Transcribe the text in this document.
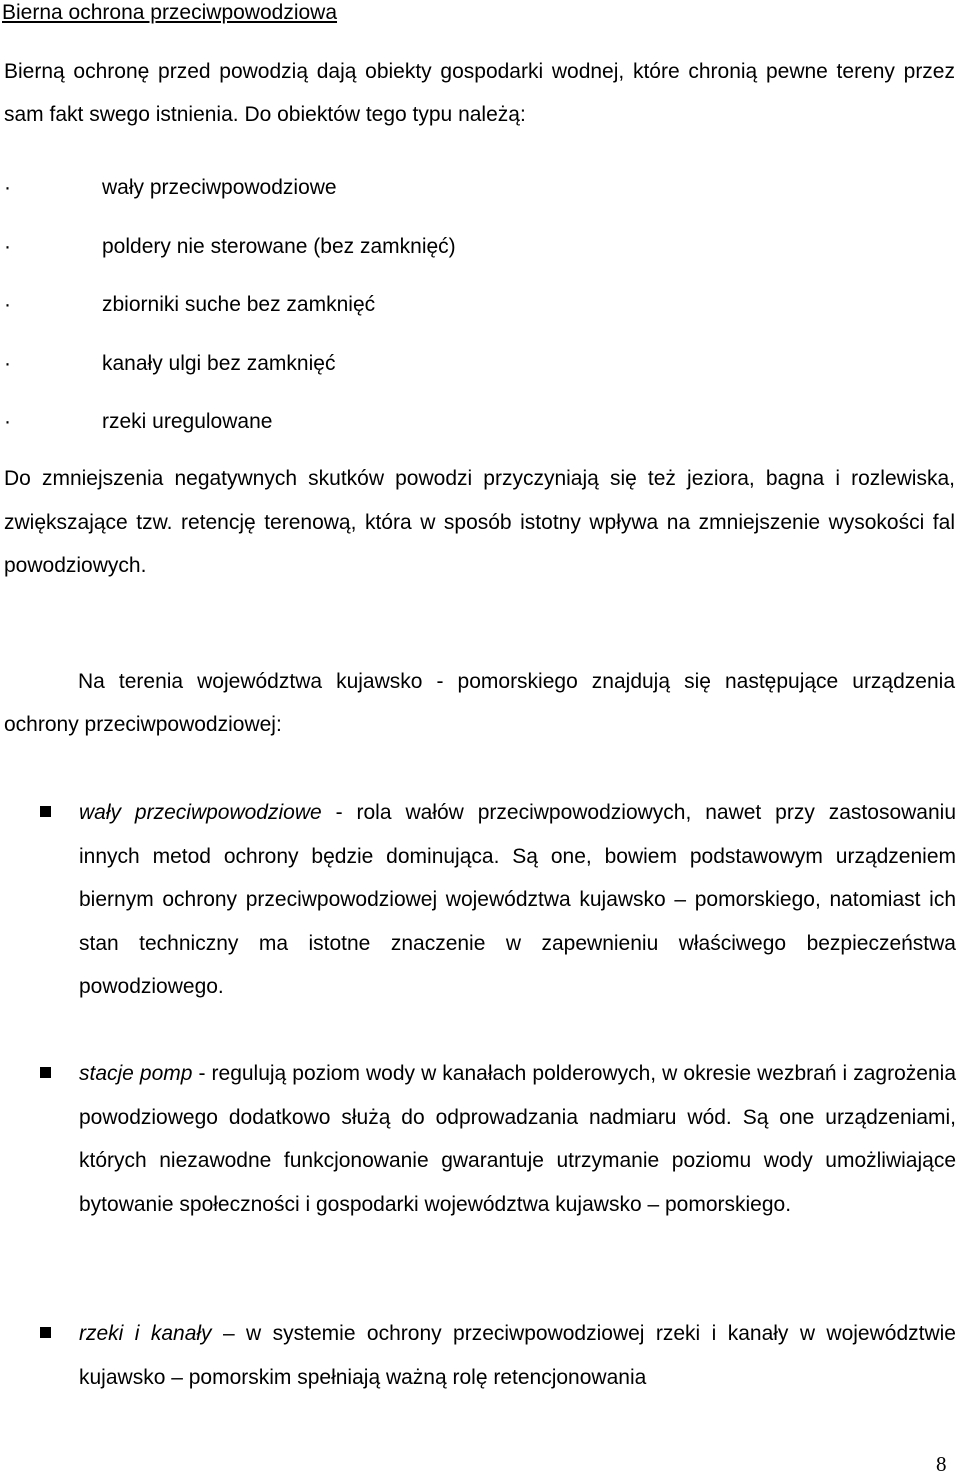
Bierna ochrona przeciwpowodziowa

Bierną ochronę przed powodzią dają obiekty gospodarki wodnej, które chronią pewne tereny przez sam fakt swego istnienia. Do obiektów tego typu należą:

·	wały przeciwpowodziowe
·	poldery nie sterowane (bez zamknięć)
·	zbiorniki suche bez zamknięć
·	kanały ulgi bez zamknięć
·	rzeki uregulowane

Do zmniejszenia negatywnych skutków powodzi przyczyniają się też jeziora, bagna i rozlewiska, zwiększające tzw. retencję terenową, która w sposób istotny wpływa na zmniejszenie wysokości fal powodziowych.

Na terenia województwa kujawsko - pomorskiego znajdują się następujące urządzenia ochrony przeciwpowodziowej:

wały przeciwpowodziowe - rola wałów przeciwpowodziowych, nawet przy zastosowaniu innych metod ochrony będzie dominująca. Są one, bowiem podstawowym urządzeniem biernym ochrony przeciwpowodziowej województwa kujawsko – pomorskiego, natomiast ich stan techniczny ma istotne znaczenie w zapewnieniu właściwego bezpieczeństwa powodziowego.

stacje pomp - regulują poziom wody w kanałach polderowych, w okresie wezbrań i zagrożenia powodziowego dodatkowo służą do odprowadzania nadmiaru wód. Są one urządzeniami, których niezawodne funkcjonowanie gwarantuje utrzymanie poziomu wody umożliwiające bytowanie społeczności i gospodarki województwa kujawsko – pomorskiego.

rzeki i kanały – w systemie ochrony przeciwpowodziowej rzeki i kanały w województwie kujawsko – pomorskim spełniają ważną rolę retencjonowania

8
